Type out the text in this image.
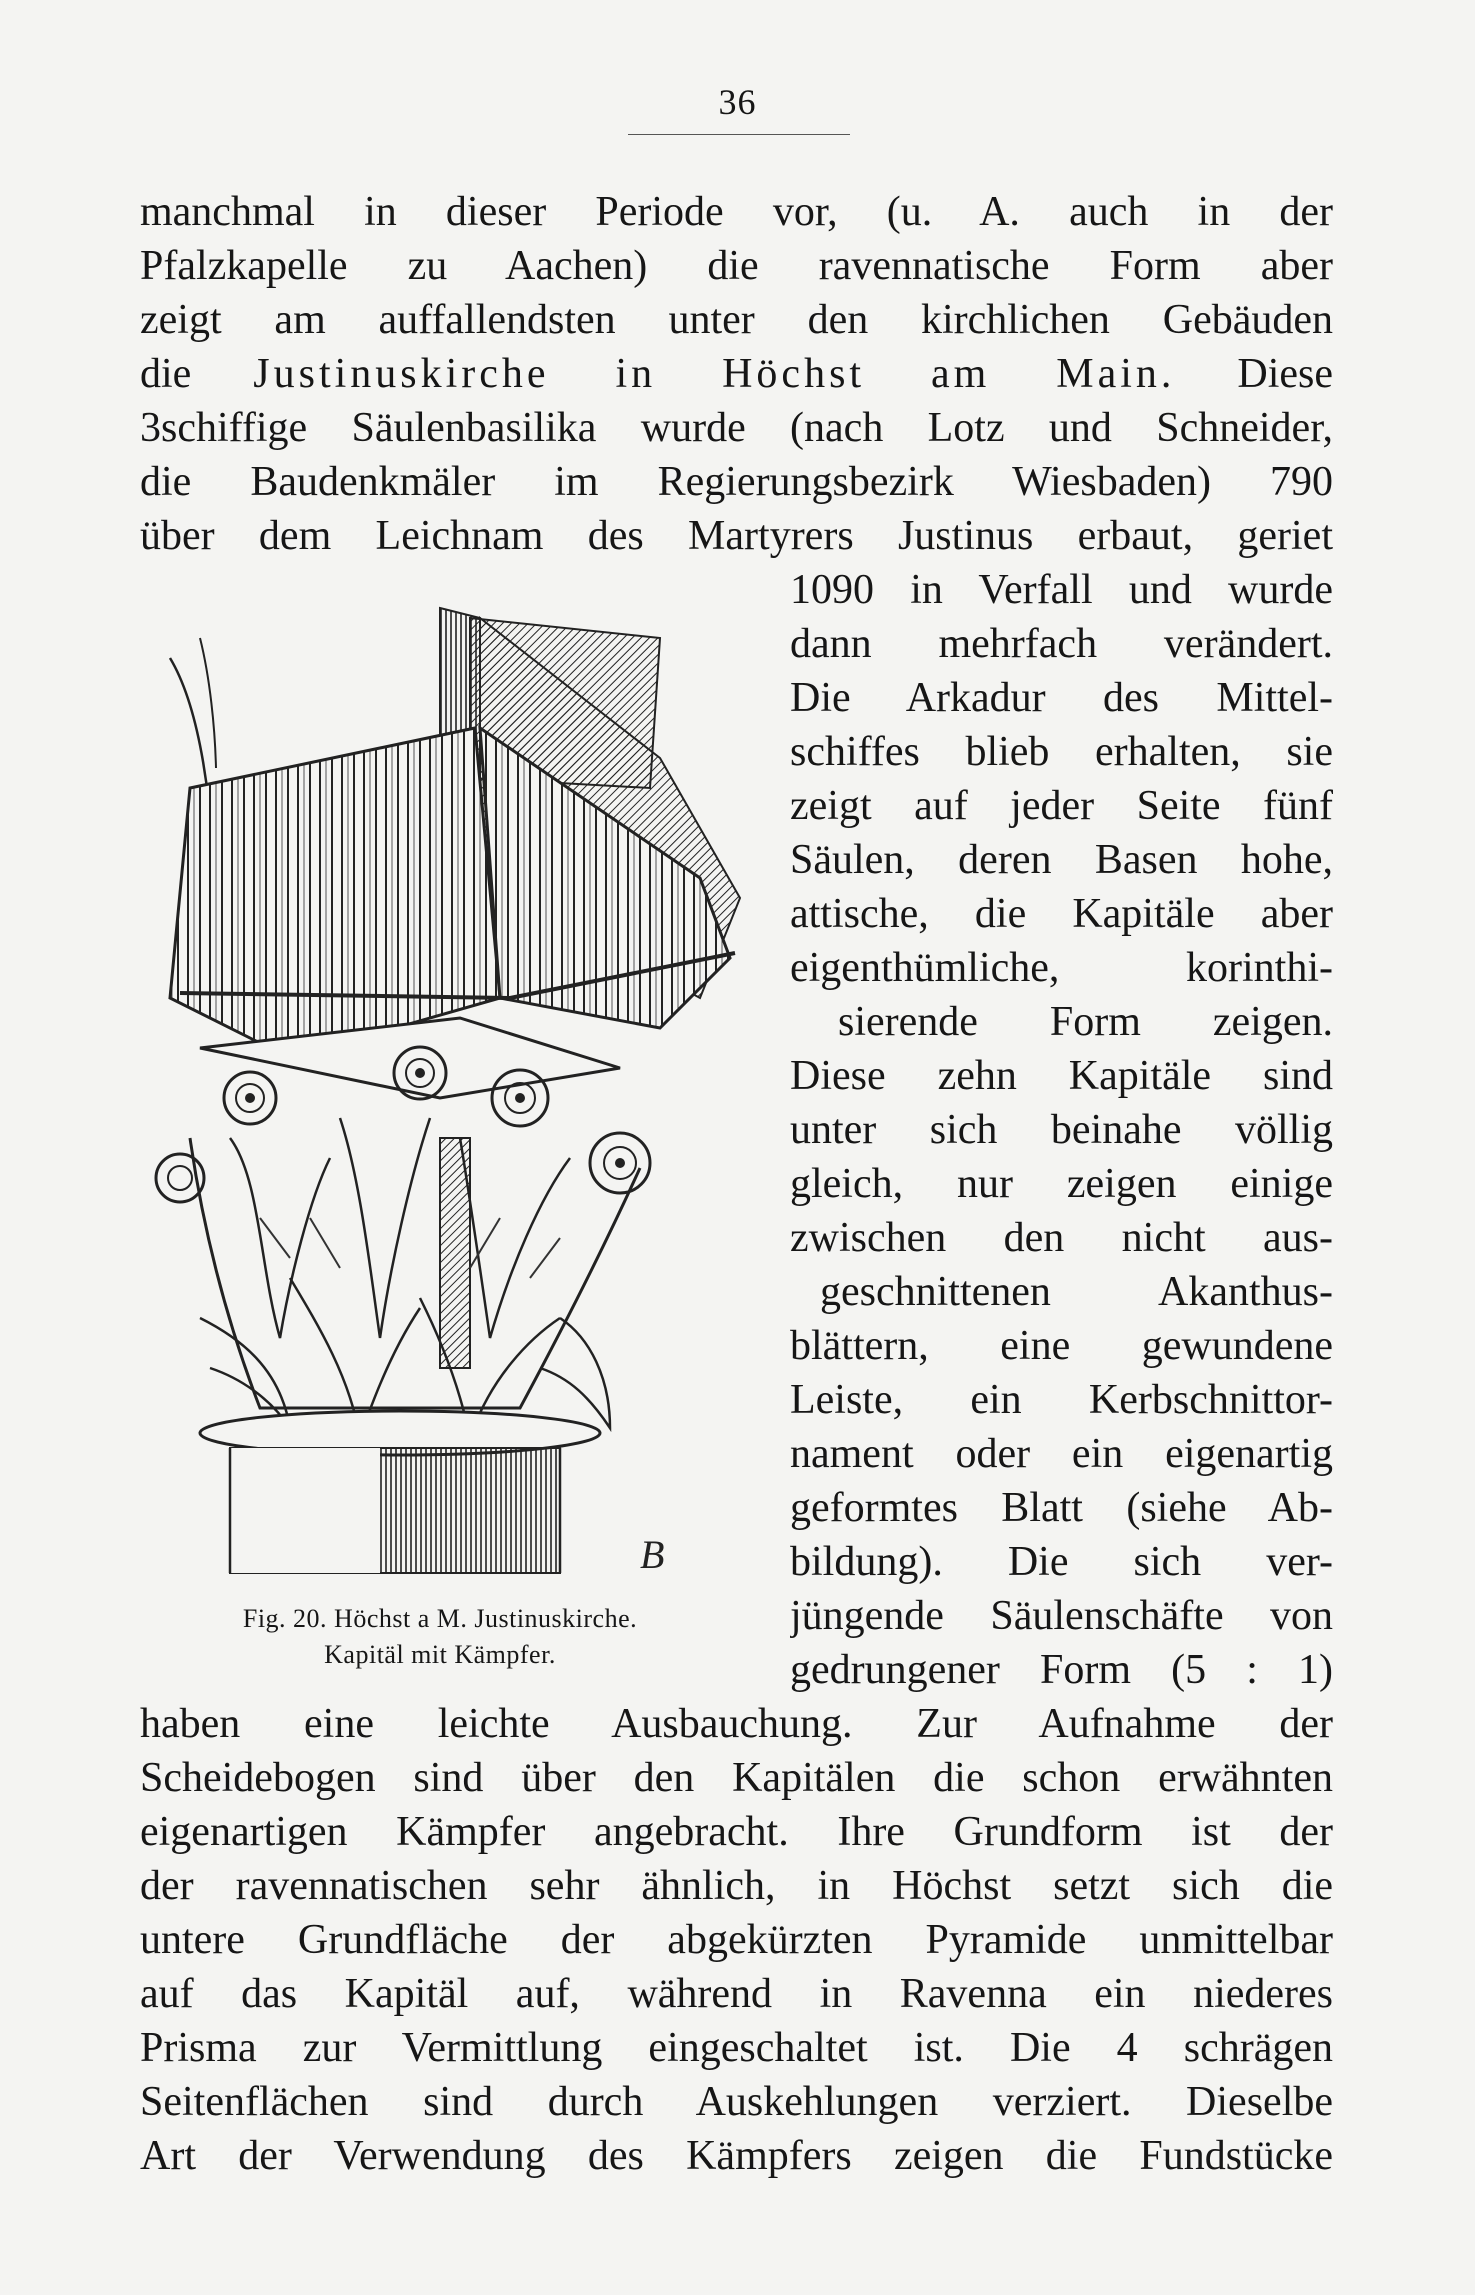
36
manchmal in dieser Periode vor, (u. A. auch in der
Pfalzkapelle zu Aachen) die ravennatische Form aber
zeigt am auffallendsten unter den kirchlichen Gebäuden
die Justinuskirche in Höchst am Main. Diese
3schiffige Säulenbasilika wurde (nach Lotz und Schneider,
die Baudenkmäler im Regierungsbezirk Wiesbaden) 790
über dem Leichnam des Martyrers Justinus erbaut, geriet
1090 in Verfall und wurde
dann mehrfach verändert.
Die Arkadur des Mittel-
schiffes blieb erhalten, sie
zeigt auf jeder Seite fünf
Säulen, deren Basen hohe,
attische, die Kapitäle aber
eigenthümliche, korinthi-
sierende Form zeigen.
Diese zehn Kapitäle sind
unter sich beinahe völlig
gleich, nur zeigen einige
zwischen den nicht aus-
geschnittenen Akanthus-
blättern, eine gewundene
Leiste, ein Kerbschnittor-
nament oder ein eigenartig
geformtes Blatt (siehe Ab-
bildung). Die sich ver-
jüngende Säulenschäfte von
gedrungener Form (5 : 1)
haben eine leichte Ausbauchung. Zur Aufnahme der
Scheidebogen sind über den Kapitälen die schon erwähnten
eigenartigen Kämpfer angebracht. Ihre Grundform ist der
der ravennatischen sehr ähnlich, in Höchst setzt sich die
untere Grundfläche der abgekürzten Pyramide unmittelbar
auf das Kapitäl auf, während in Ravenna ein niederes
Prisma zur Vermittlung eingeschaltet ist. Die 4 schrägen
Seitenflächen sind durch Auskehlungen verziert. Dieselbe
Art der Verwendung des Kämpfers zeigen die Fundstücke
B
Fig. 20. Höchst a M. Justinuskirche.
Kapitäl mit Kämpfer.
